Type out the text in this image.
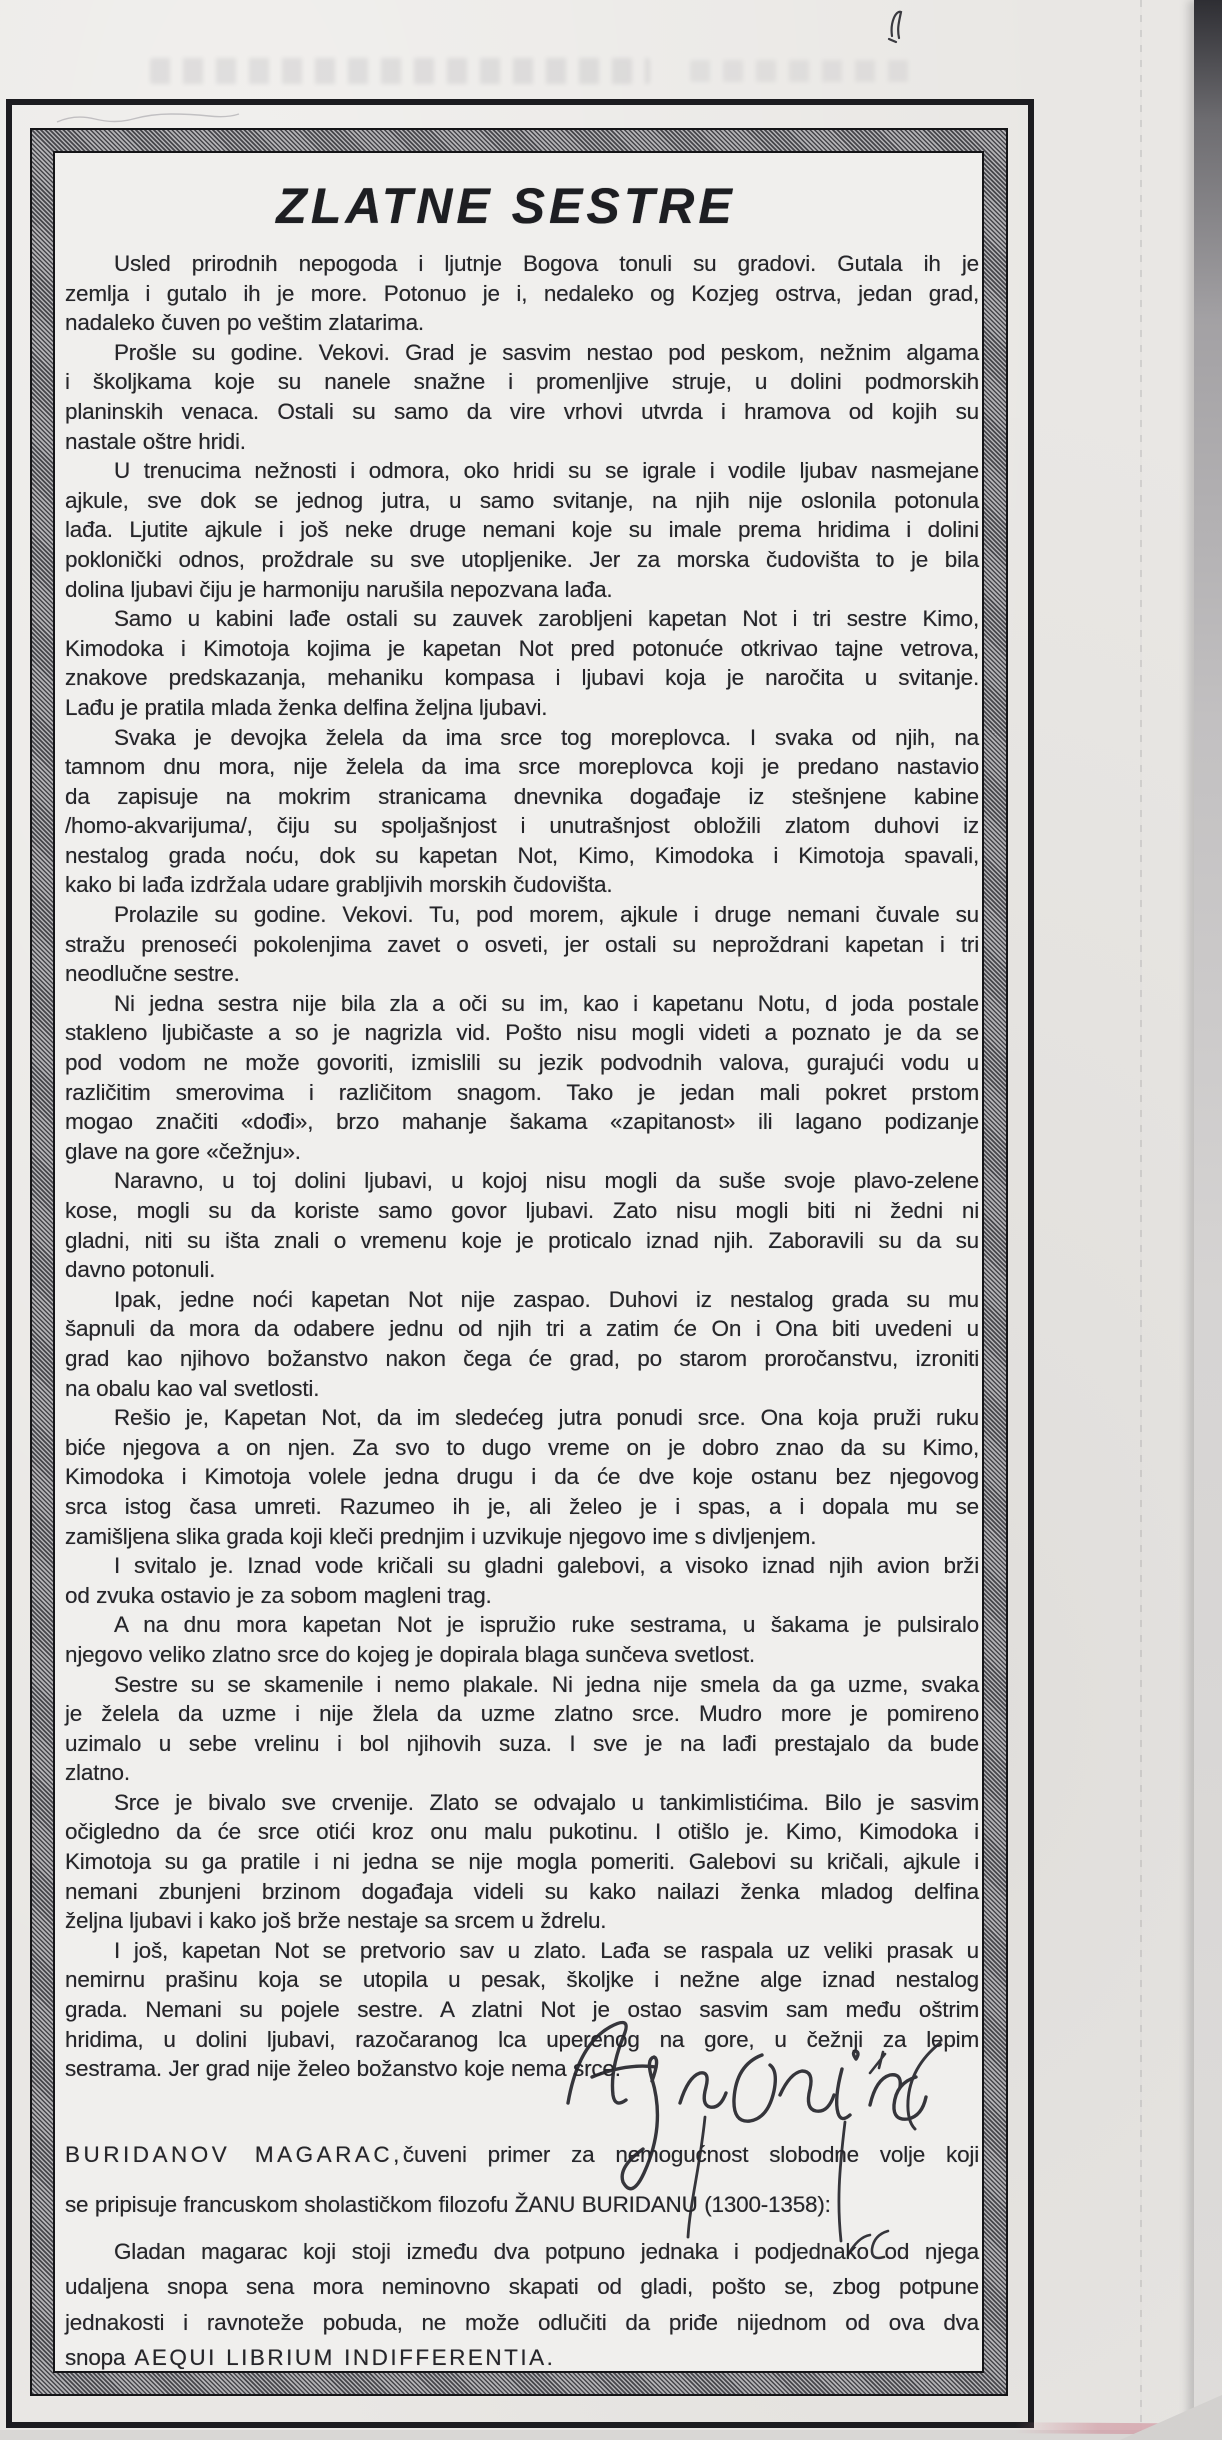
ZLATNE SESTRE
Usled prirodnih nepogoda i ljutnje Bogova tonuli su gradovi. Gutala ih je
zemlja i gutalo ih je more. Potonuo je i, nedaleko og Kozjeg ostrva, jedan grad,
nadaleko čuven po veštim zlatarima.
Prošle su godine. Vekovi. Grad je sasvim nestao pod peskom, nežnim algama
i školjkama koje su nanele snažne i promenljive struje, u dolini podmorskih
planinskih venaca. Ostali su samo da vire vrhovi utvrda i hramova od kojih su
nastale oštre hridi.
U trenucima nežnosti i odmora, oko hridi su se igrale i vodile ljubav nasmejane
ajkule, sve dok se jednog jutra, u samo svitanje, na njih nije oslonila potonula
lađa. Ljutite ajkule i još neke druge nemani koje su imale prema hridima i dolini
poklonički odnos, proždrale su sve utopljenike. Jer za morska čudovišta to je bila
dolina ljubavi čiju je harmoniju narušila nepozvana lađa.
Samo u kabini lađe ostali su zauvek zarobljeni kapetan Not i tri sestre Kimo,
Kimodoka i Kimotoja kojima je kapetan Not pred potonuće otkrivao tajne vetrova,
znakove predskazanja, mehaniku kompasa i ljubavi koja je naročita u svitanje.
Lađu je pratila mlada ženka delfina željna ljubavi.
Svaka je devojka želela da ima srce tog moreplovca. I svaka od njih, na
tamnom dnu mora, nije želela da ima srce moreplovca koji je predano nastavio
da zapisuje na mokrim stranicama dnevnika događaje iz stešnjene kabine
/homo-akvarijuma/, čiju su spoljašnjost i unutrašnjost obložili zlatom duhovi iz
nestalog grada noću, dok su kapetan Not, Kimo, Kimodoka i Kimotoja spavali,
kako bi lađa izdržala udare grabljivih morskih čudovišta.
Prolazile su godine. Vekovi. Tu, pod morem, ajkule i druge nemani čuvale su
stražu prenoseći pokolenjima zavet o osveti, jer ostali su neproždrani kapetan i tri
neodlučne sestre.
Ni jedna sestra nije bila zla a oči su im, kao i kapetanu Notu, d joda postale
stakleno ljubičaste a so je nagrizla vid. Pošto nisu mogli videti a poznato je da se
pod vodom ne može govoriti, izmislili su jezik podvodnih valova, gurajući vodu u
različitim smerovima i različitom snagom. Tako je jedan mali pokret prstom
mogao značiti «dođi», brzo mahanje šakama «zapitanost» ili lagano podizanje
glave na gore «čežnju».
Naravno, u toj dolini ljubavi, u kojoj nisu mogli da suše svoje plavo-zelene
kose, mogli su da koriste samo govor ljubavi. Zato nisu mogli biti ni žedni ni
gladni, niti su išta znali o vremenu koje je proticalo iznad njih. Zaboravili su da su
davno potonuli.
Ipak, jedne noći kapetan Not nije zaspao. Duhovi iz nestalog grada su mu
šapnuli da mora da odabere jednu od njih tri a zatim će On i Ona biti uvedeni u
grad kao njihovo božanstvo nakon čega će grad, po starom proročanstvu, izroniti
na obalu kao val svetlosti.
Rešio je, Kapetan Not, da im sledećeg jutra ponudi srce. Ona koja pruži ruku
biće njegova a on njen. Za svo to dugo vreme on je dobro znao da su Kimo,
Kimodoka i Kimotoja volele jedna drugu i da će dve koje ostanu bez njegovog
srca istog časa umreti. Razumeo ih je, ali želeo je i spas, a i dopala mu se
zamišljena slika grada koji kleči prednjim i uzvikuje njegovo ime s divljenjem.
I svitalo je. Iznad vode kričali su gladni galebovi, a visoko iznad njih avion brži
od zvuka ostavio je za sobom magleni trag.
A na dnu mora kapetan Not je ispružio ruke sestrama, u šakama je pulsiralo
njegovo veliko zlatno srce do kojeg je dopirala blaga sunčeva svetlost.
Sestre su se skamenile i nemo plakale. Ni jedna nije smela da ga uzme, svaka
je želela da uzme i nije žlela da uzme zlatno srce. Mudro more je pomireno
uzimalo u sebe vrelinu i bol njihovih suza. I sve je na lađi prestajalo da bude
zlatno.
Srce je bivalo sve crvenije. Zlato se odvajalo u tankimlistićima. Bilo je sasvim
očigledno da će srce otići kroz onu malu pukotinu. I otišlo je. Kimo, Kimodoka i
Kimotoja su ga pratile i ni jedna se nije mogla pomeriti. Galebovi su kričali, ajkule i
nemani zbunjeni brzinom događaja videli su kako nailazi ženka mladog delfina
željna ljubavi i kako još brže nestaje sa srcem u ždrelu.
I još, kapetan Not se pretvorio sav u zlato. Lađa se raspala uz veliki prasak u
nemirnu prašinu koja se utopila u pesak, školjke i nežne alge iznad nestalog
grada. Nemani su pojele sestre. A zlatni Not je ostao sasvim sam među oštrim
hridima, u dolini ljubavi, razočaranog lca uperenog na gore, u čežnji za lepim
sestrama. Jer grad nije želeo božanstvo koje nema srce.
BURIDANOV MAGARAC,čuveni primer za nemogućnost slobodne volje koji
se pripisuje francuskom sholastičkom filozofu ŽANU BURIDANU (1300-1358):
Gladan magarac koji stoji između dva potpuno jednaka i podjednako od njega
udaljena snopa sena mora neminovno skapati od gladi, pošto se, zbog potpune
jednakosti i ravnoteže pobuda, ne može odlučiti da priđe nijednom od ova dva
snopa AEQUI LIBRIUM INDIFFERENTIA.
